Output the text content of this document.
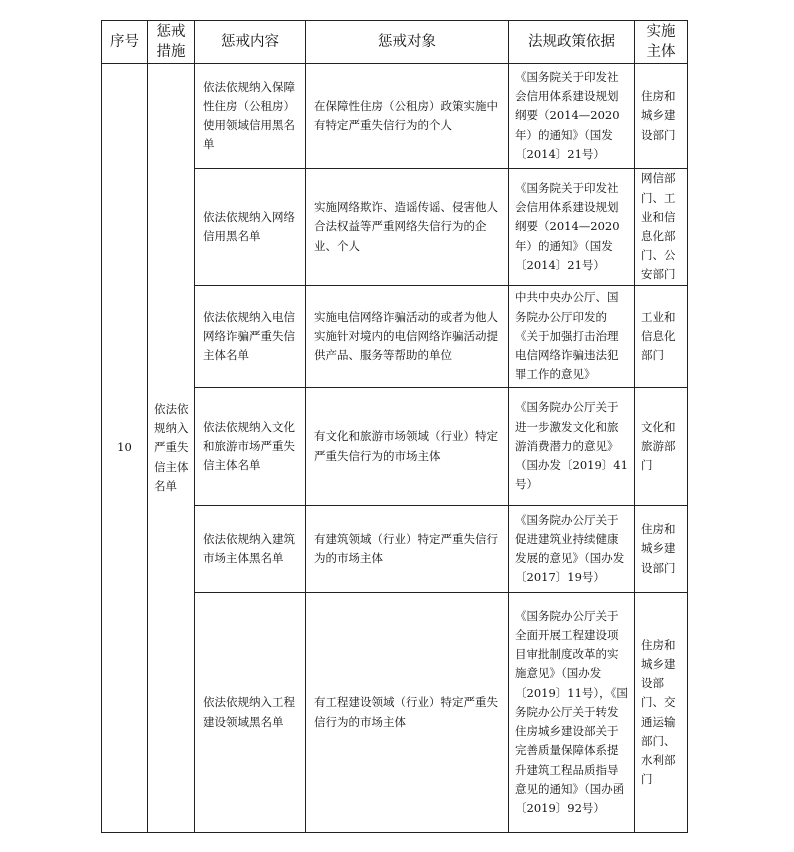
序号	惩戒措施	惩戒内容	惩戒对象	法规政策依据	实施主体

10	依法依规纳入严重失信主体名单	依法依规纳入保障性住房（公租房）使用领域信用黑名单	在保障性住房（公租房）政策实施中有特定严重失信行为的个人	《国务院关于印发社会信用体系建设规划纲要（2014—2020年）的通知》（国发〔2014〕21号）	住房和城乡建设部门

		依法依规纳入网络信用黑名单	实施网络欺诈、造谣传谣、侵害他人合法权益等严重网络失信行为的企业、个人	《国务院关于印发社会信用体系建设规划纲要（2014—2020年）的通知》（国发〔2014〕21号）	网信部门、工业和信息化部门、公安部门

		依法依规纳入电信网络诈骗严重失信主体名单	实施电信网络诈骗活动的或者为他人实施针对境内的电信网络诈骗活动提供产品、服务等帮助的单位	中共中央办公厅、国务院办公厅印发的《关于加强打击治理电信网络诈骗违法犯罪工作的意见》	工业和信息化部门

		依法依规纳入文化和旅游市场严重失信主体名单	有文化和旅游市场领域（行业）特定严重失信行为的市场主体	《国务院办公厅关于进一步激发文化和旅游消费潜力的意见》（国办发〔2019〕41号）	文化和旅游部门

		依法依规纳入建筑市场主体黑名单	有建筑领域（行业）特定严重失信行为的市场主体	《国务院办公厅关于促进建筑业持续健康发展的意见》（国办发〔2017〕19号）	住房和城乡建设部门

		依法依规纳入工程建设领域黑名单	有工程建设领域（行业）特定严重失信行为的市场主体	《国务院办公厅关于全面开展工程建设项目审批制度改革的实施意见》（国办发〔2019〕11号），《国务院办公厅关于转发住房城乡建设部关于完善质量保障体系提升建筑工程品质指导意见的通知》（国办函〔2019〕92号）	住房和城乡建设部门、交通运输部门、水利部门
